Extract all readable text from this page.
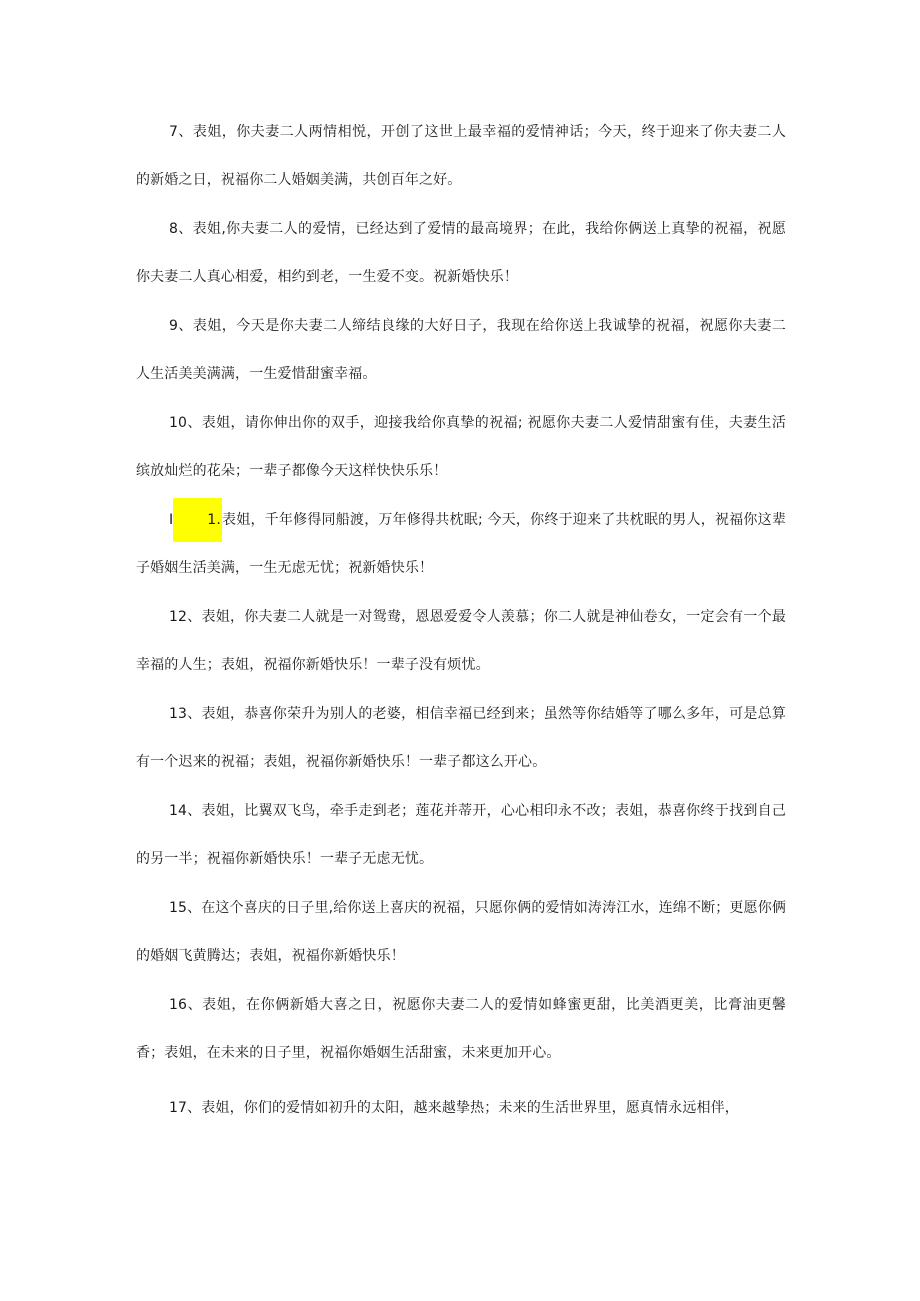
7、表姐，你夫妻二人两情相悦，开创了这世上最幸福的爱情神话；今天，终于迎来了你夫妻二人的新婚之日，祝福你二人婚姻美满，共创百年之好。

8、表姐,你夫妻二人的爱情，已经达到了爱情的最高境界；在此，我给你俩送上真挚的祝福，祝愿你夫妻二人真心相爱，相约到老，一生爱不变。祝新婚快乐！

9、表姐，今天是你夫妻二人缔结良缘的大好日子，我现在给你送上我诚挚的祝福，祝愿你夫妻二人生活美美满满，一生爱惜甜蜜幸福。

10、表姐，请你伸出你的双手，迎接我给你真挚的祝福; 祝愿你夫妻二人爱情甜蜜有佳，夫妻生活缤放灿烂的花朵；一辈子都像今天这样快快乐乐！

I 1.表姐，千年修得同船渡，万年修得共枕眠; 今天，你终于迎来了共枕眠的男人，祝福你这辈子婚姻生活美满，一生无虑无忧；祝新婚快乐！

12、表姐，你夫妻二人就是一对鸳鸯，恩恩爱爱令人羡慕；你二人就是神仙卷女，一定会有一个最幸福的人生；表姐，祝福你新婚快乐！一辈子没有烦忧。

13、表姐，恭喜你荣升为别人的老婆，相信幸福已经到来；虽然等你结婚等了哪么多年，可是总算有一个迟来的祝福；表姐，祝福你新婚快乐！一辈子都这么开心。

14、表姐，比翼双飞鸟，牵手走到老；莲花并蒂开，心心相印永不改；表姐，恭喜你终于找到自己的另一半；祝福你新婚快乐！一辈子无虑无忧。

15、在这个喜庆的日子里,给你送上喜庆的祝福，只愿你俩的爱情如涛涛江水，连绵不断；更愿你俩的婚姻飞黄腾达；表姐，祝福你新婚快乐！

16、表姐，在你俩新婚大喜之日，祝愿你夫妻二人的爱情如蜂蜜更甜，比美酒更美，比膏油更馨香；表姐，在未来的日子里，祝福你婚姻生活甜蜜，未来更加开心。

17、表姐，你们的爱情如初升的太阳，越来越挚热；未来的生活世界里，愿真情永远相伴，
